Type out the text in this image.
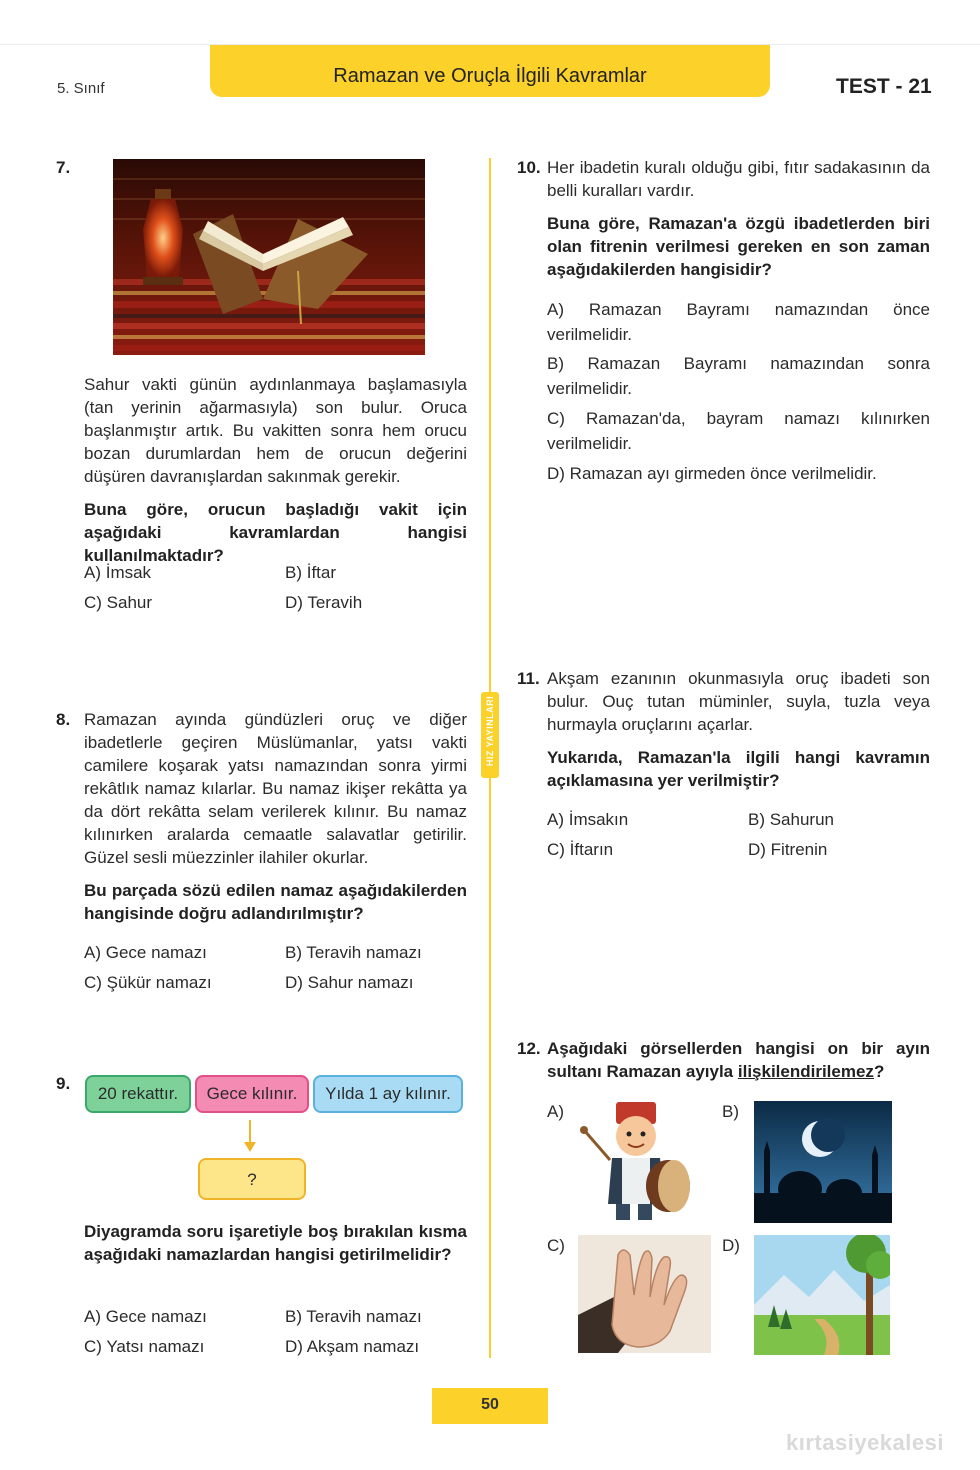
Ramazan ve Oruçla İlgili Kavramlar
5. Sınıf	TEST - 21
HIZ YAYINLARI
7.
Sahur vakti günün aydınlanmaya başlamasıyla (tan yerinin ağarmasıyla) son bulur. Oruca başlanmıştır artık. Bu vakitten sonra hem orucu bozan durumlardan hem de orucun değerini düşüren davranışlardan sakınmak gerekir.
Buna göre, orucun başladığı vakit için aşağıdaki kavramlardan hangisi kullanılmaktadır?
A) İmsak	B) İftar
C) Sahur	D) Teravih
8. Ramazan ayında gündüzleri oruç ve diğer ibadetlerle geçiren Müslümanlar, yatsı vakti camilere koşarak yatsı namazından sonra yirmi rekâtlık namaz kılarlar. Bu namaz ikişer rekâtta ya da dört rekâtta selam verilerek kılınır. Bu namaz kılınırken aralarda cemaatle salavatlar getirilir. Güzel sesli müezzinler ilahiler okurlar.
Bu parçada sözü edilen namaz aşağıdakilerden hangisinde doğru adlandırılmıştır?
A) Gece namazı	B) Teravih namazı
C) Şükür namazı	D) Sahur namazı
9.
20 rekattır.	Gece kılınır.	Yılda 1 ay kılınır.
?
Diyagramda soru işaretiyle boş bırakılan kısma aşağıdaki namazlardan hangisi getirilmelidir?
A) Gece namazı	B) Teravih namazı
C) Yatsı namazı	D) Akşam namazı
10. Her ibadetin kuralı olduğu gibi, fıtır sadakasının da belli kuralları vardır.
Buna göre, Ramazan'a özgü ibadetlerden biri olan fitrenin verilmesi gereken en son zaman aşağıdakilerden hangisidir?
A) Ramazan Bayramı namazından önce verilmelidir.
B) Ramazan Bayramı namazından sonra verilmelidir.
C) Ramazan'da, bayram namazı kılınırken verilmelidir.
D) Ramazan ayı girmeden önce verilmelidir.
11. Akşam ezanının okunmasıyla oruç ibadeti son bulur. Ouç tutan müminler, suyla, tuzla veya hurmayla oruçlarını açarlar.
Yukarıda, Ramazan'la ilgili hangi kavramın açıklamasına yer verilmiştir?
A) İmsakın	B) Sahurun
C) İftarın	D) Fitrenin
12. Aşağıdaki görsellerden hangisi on bir ayın sultanı Ramazan ayıyla ilişkilendirilemez?
A)	B)
C)	D)
50
kırtasiyekalesi
